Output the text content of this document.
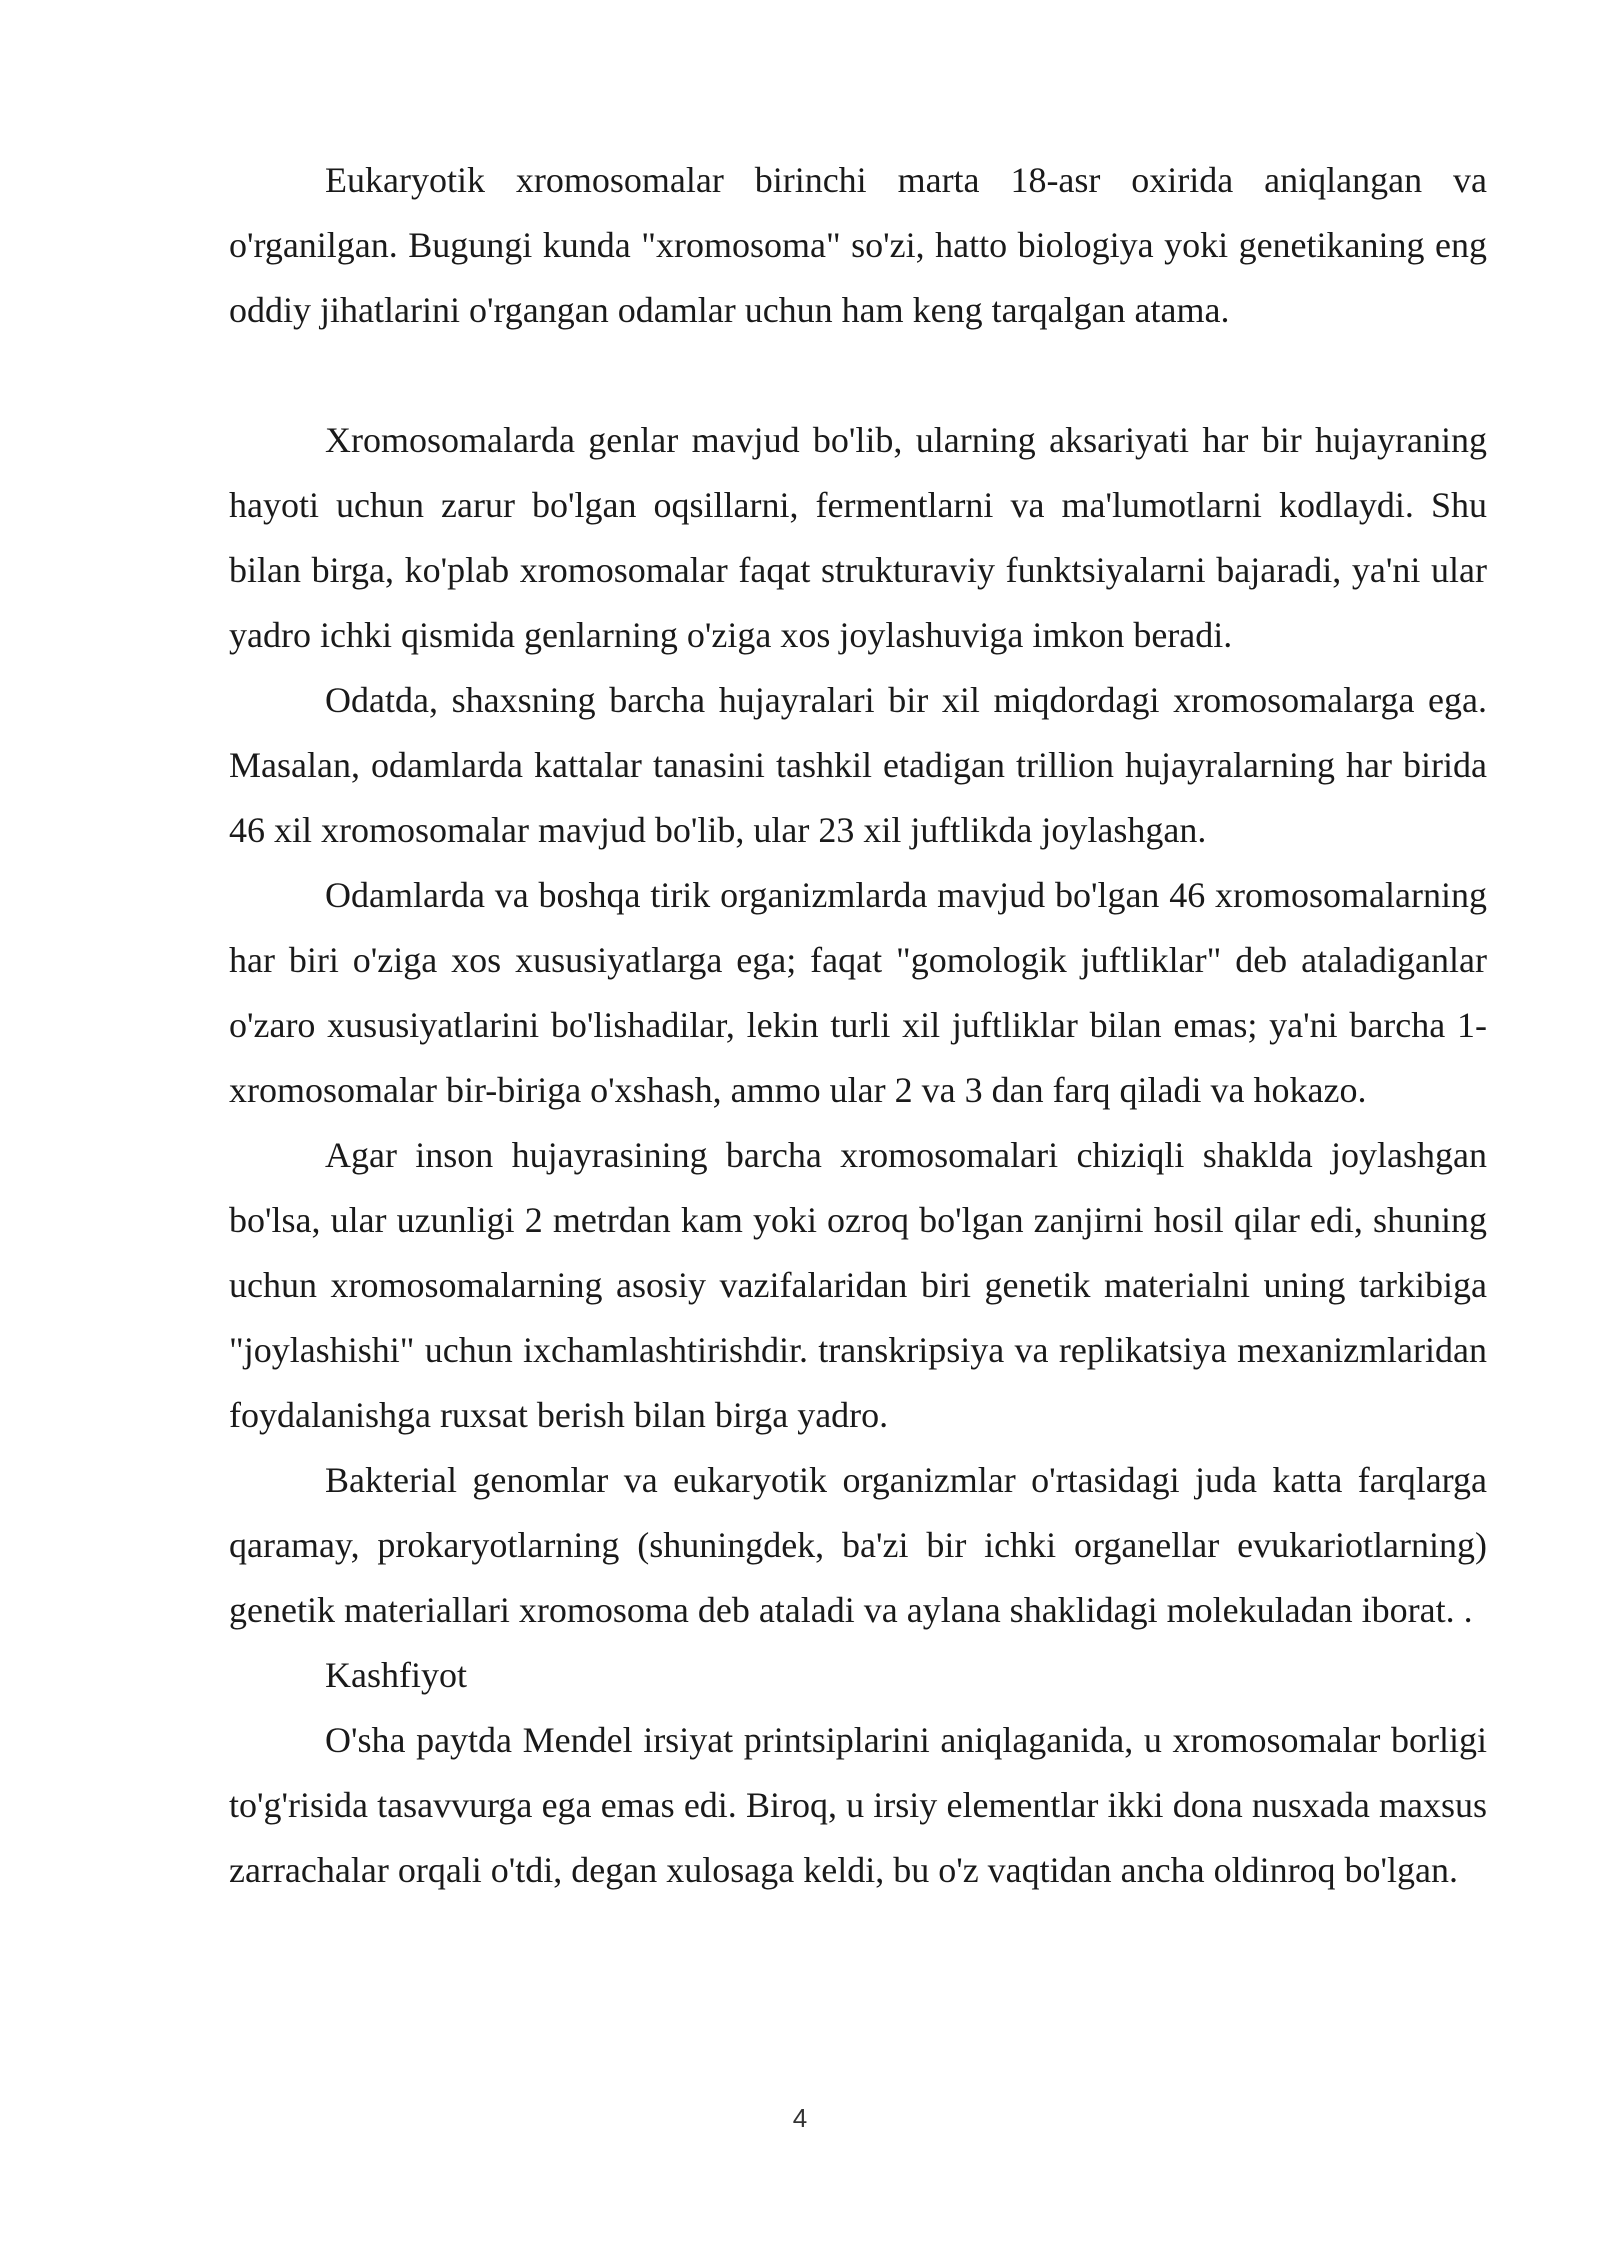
Eukaryotik xromosomalar birinchi marta 18-asr oxirida aniqlangan va o'rganilgan. Bugungi kunda "xromosoma" so'zi, hatto biologiya yoki genetikaning eng oddiy jihatlarini o'rgangan odamlar uchun ham keng tarqalgan atama.

Xromosomalarda genlar mavjud bo'lib, ularning aksariyati har bir hujayraning hayoti uchun zarur bo'lgan oqsillarni, fermentlarni va ma'lumotlarni kodlaydi. Shu bilan birga, ko'plab xromosomalar faqat strukturaviy funktsiyalarni bajaradi, ya'ni ular yadro ichki qismida genlarning o'ziga xos joylashuviga imkon beradi.

Odatda, shaxsning barcha hujayralari bir xil miqdordagi xromosomalarga ega. Masalan, odamlarda kattalar tanasini tashkil etadigan trillion hujayralarning har birida 46 xil xromosomalar mavjud bo'lib, ular 23 xil juftlikda joylashgan.

Odamlarda va boshqa tirik organizmlarda mavjud bo'lgan 46 xromosomalarning har biri o'ziga xos xususiyatlarga ega; faqat "gomologik juftliklar" deb ataladiganlar o'zaro xususiyatlarini bo'lishadilar, lekin turli xil juftliklar bilan emas; ya'ni barcha 1-xromosomalar bir-biriga o'xshash, ammo ular 2 va 3 dan farq qiladi va hokazo.

Agar inson hujayrasining barcha xromosomalari chiziqli shaklda joylashgan bo'lsa, ular uzunligi 2 metrdan kam yoki ozroq bo'lgan zanjirni hosil qilar edi, shuning uchun xromosomalarning asosiy vazifalaridan biri genetik materialni uning tarkibiga "joylashishi" uchun ixchamlashtirishdir. transkripsiya va replikatsiya mexanizmlaridan foydalanishga ruxsat berish bilan birga yadro.

Bakterial genomlar va eukaryotik organizmlar o'rtasidagi juda katta farqlarga qaramay, prokaryotlarning (shuningdek, ba'zi bir ichki organellar evukariotlarning) genetik materiallari xromosoma deb ataladi va aylana shaklidagi molekuladan iborat. .

Kashfiyot

O'sha paytda Mendel irsiyat printsiplarini aniqlaganida, u xromosomalar borligi to'g'risida tasavvurga ega emas edi. Biroq, u irsiy elementlar ikki dona nusxada maxsus zarrachalar orqali o'tdi, degan xulosaga keldi, bu o'z vaqtidan ancha oldinroq bo'lgan.

4
